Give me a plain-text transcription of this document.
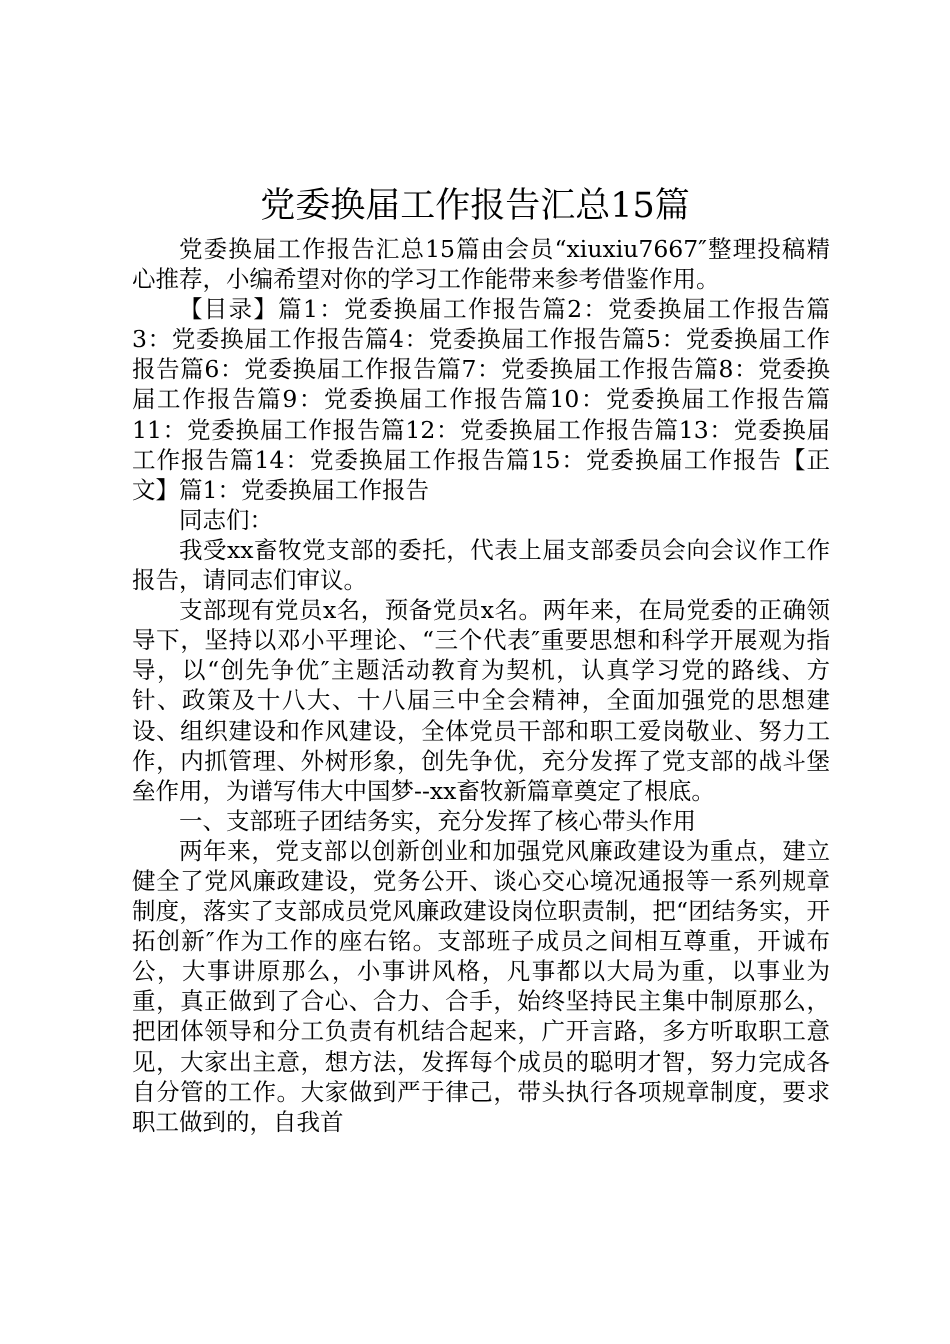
党委换届工作报告汇总15篇

党委换届工作报告汇总15篇由会员“xiuxiu7667″整理投稿精心推荐，小编希望对你的学习工作能带来参考借鉴作用。

【目录】篇1：党委换届工作报告篇2：党委换届工作报告篇3：党委换届工作报告篇4：党委换届工作报告篇5：党委换届工作报告篇6：党委换届工作报告篇7：党委换届工作报告篇8：党委换届工作报告篇9：党委换届工作报告篇10：党委换届工作报告篇11：党委换届工作报告篇12：党委换届工作报告篇13：党委换届工作报告篇14：党委换届工作报告篇15：党委换届工作报告【正文】篇1：党委换届工作报告

同志们：

我受xx畜牧党支部的委托，代表上届支部委员会向会议作工作报告，请同志们审议。

支部现有党员x名，预备党员x名。两年来，在局党委的正确领导下，坚持以邓小平理论、“三个代表″重要思想和科学开展观为指导，以“创先争优″主题活动教育为契机，认真学习党的路线、方针、政策及十八大、十八届三中全会精神，全面加强党的思想建设、组织建设和作风建设，全体党员干部和职工爱岗敬业、努力工作，内抓管理、外树形象，创先争优，充分发挥了党支部的战斗堡垒作用，为谱写伟大中国梦--xx畜牧新篇章奠定了根底。

一、支部班子团结务实，充分发挥了核心带头作用

两年来，党支部以创新创业和加强党风廉政建设为重点，建立健全了党风廉政建设，党务公开、谈心交心境况通报等一系列规章制度，落实了支部成员党风廉政建设岗位职责制，把“团结务实，开拓创新″作为工作的座右铭。支部班子成员之间相互尊重，开诚布公，大事讲原那么，小事讲风格，凡事都以大局为重，以事业为重，真正做到了合心、合力、合手，始终坚持民主集中制原那么，把团体领导和分工负责有机结合起来，广开言路，多方听取职工意见，大家出主意，想方法，发挥每个成员的聪明才智，努力完成各自分管的工作。大家做到严于律己，带头执行各项规章制度，要求职工做到的，自我首
